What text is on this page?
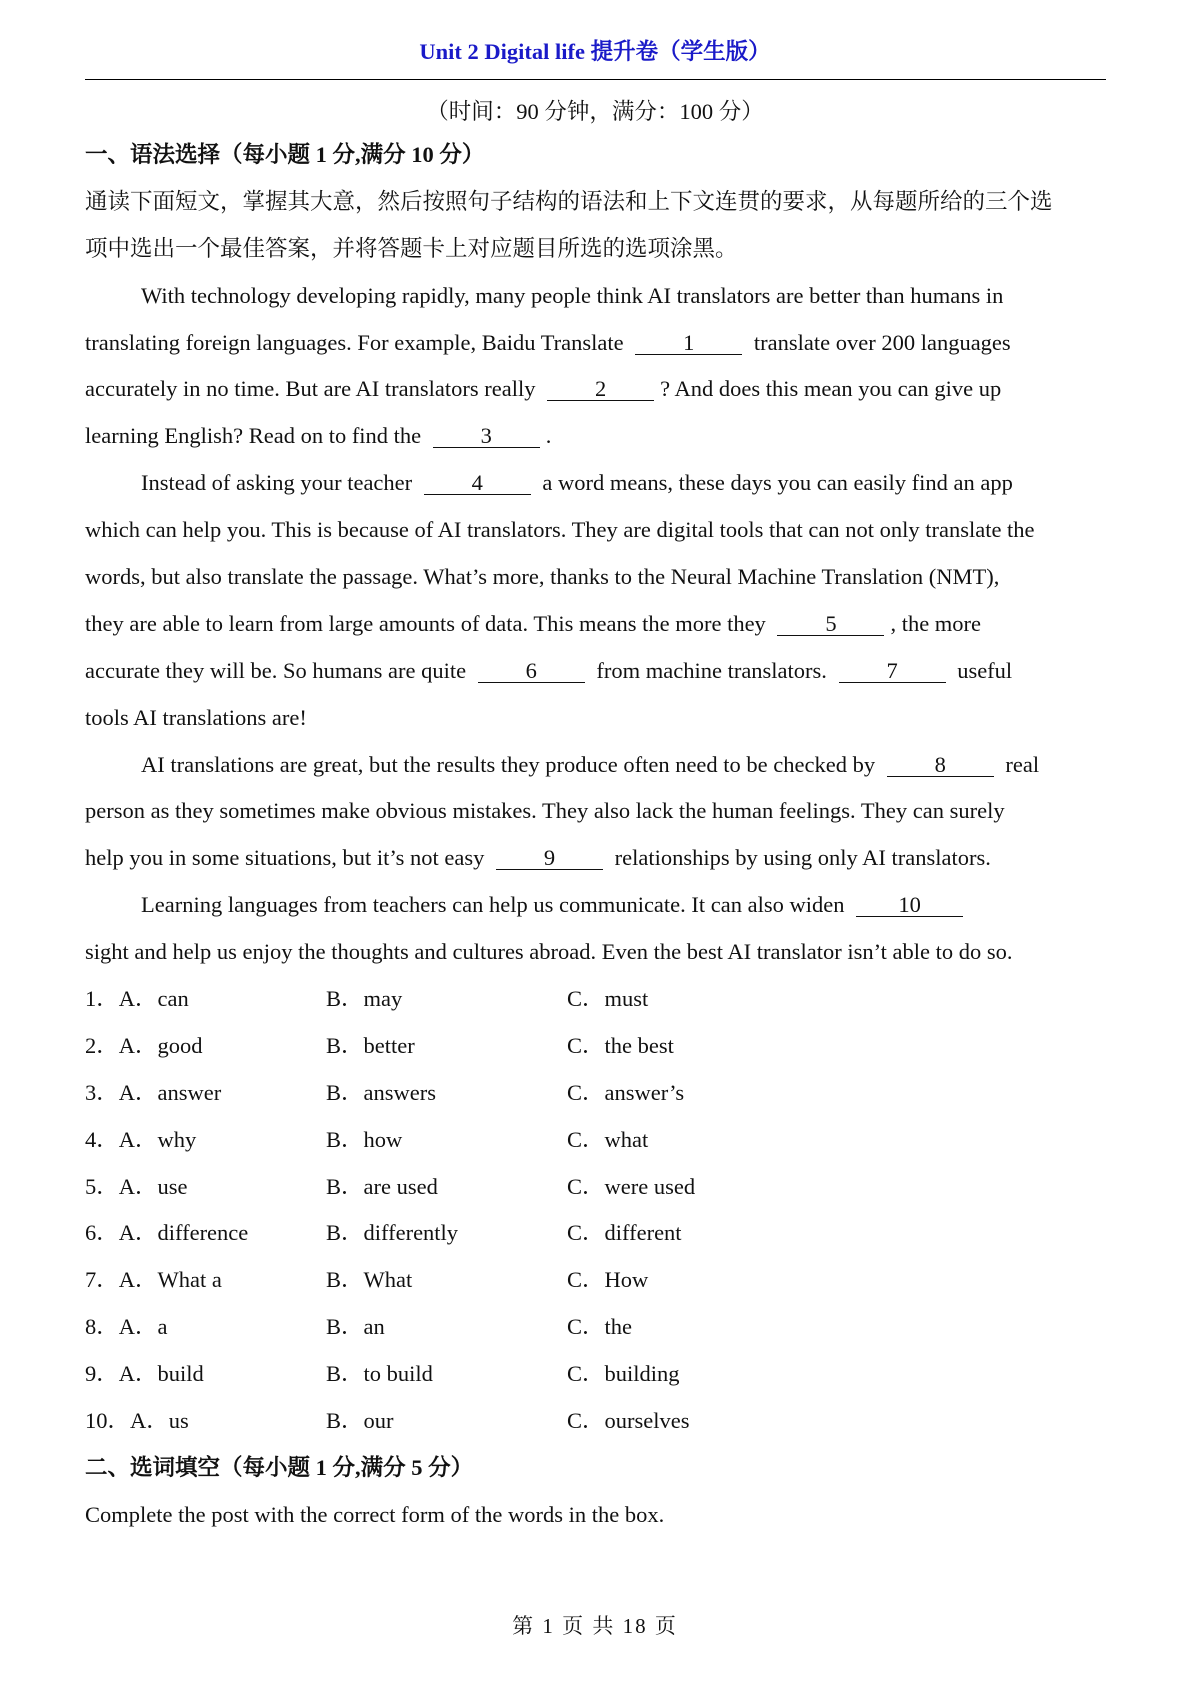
Unit 2 Digital life 提升卷（学生版）
（时间：90 分钟，满分：100 分）
一、语法选择（每小题 1 分,满分 10 分）
通读下面短文，掌握其大意，然后按照句子结构的语法和上下文连贯的要求，从每题所给的三个选
项中选出一个最佳答案，并将答题卡上对应题目所选的选项涂黑。
With technology developing rapidly, many people think AI translators are better than humans in
translating foreign languages. For example, Baidu Translate 1 translate over 200 languages
accurately in no time. But are AI translators really 2 ? And does this mean you can give up
learning English? Read on to find the 3 .
Instead of asking your teacher 4 a word means, these days you can easily find an app
which can help you. This is because of AI translators. They are digital tools that can not only translate the
words, but also translate the passage. What’s more, thanks to the Neural Machine Translation (NMT),
they are able to learn from large amounts of data. This means the more they 5 , the more
accurate they will be. So humans are quite 6 from machine translators. 7 useful
tools AI translations are!
AI translations are great, but the results they produce often need to be checked by 8 real
person as they sometimes make obvious mistakes. They also lack the human feelings. They can surely
help you in some situations, but it’s not easy 9 relationships by using only AI translators.
Learning languages from teachers can help us communicate. It can also widen 10
sight and help us enjoy the thoughts and cultures abroad. Even the best AI translator isn’t able to do so.
1．A．can	B．may	C．must
2．A．good	B．better	C．the best
3．A．answer	B．answers	C．answer’s
4．A．why	B．how	C．what
5．A．use	B．are used	C．were used
6．A．difference	B．differently	C．different
7．A．What a	B．What	C．How
8．A．a	B．an	C．the
9．A．build	B．to build	C．building
10．A．us	B．our	C．ourselves
二、选词填空（每小题 1 分,满分 5 分）
Complete the post with the correct form of the words in the box.
第 1 页 共 18 页
